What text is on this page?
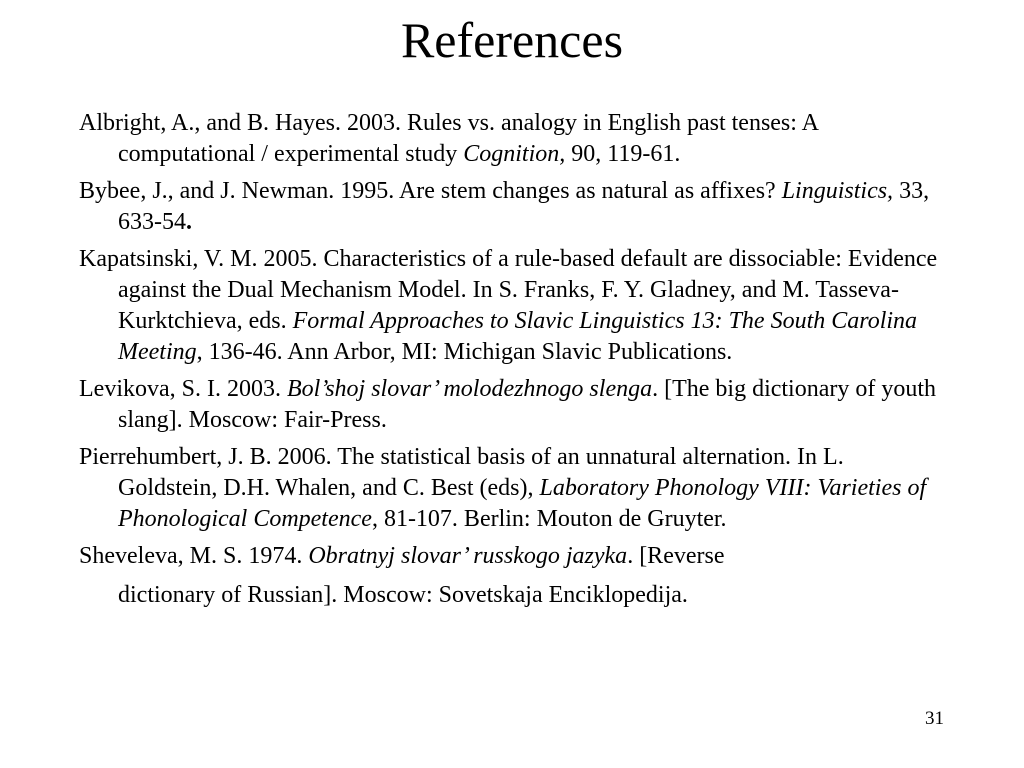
References

Albright, A., and B. Hayes. 2003. Rules vs. analogy in English past tenses: A computational / experimental study Cognition, 90, 119-61.

Bybee, J., and J. Newman. 1995. Are stem changes as natural as affixes? Linguistics, 33, 633-54.

Kapatsinski, V. M. 2005. Characteristics of a rule-based default are dissociable: Evidence against the Dual Mechanism Model. In S. Franks, F. Y. Gladney, and M. Tasseva-Kurktchieva, eds. Formal Approaches to Slavic Linguistics 13: The South Carolina Meeting, 136-46. Ann Arbor, MI: Michigan Slavic Publications.

Levikova, S. I. 2003. Bol’shoj slovar’ molodezhnogo slenga. [The big dictionary of youth slang]. Moscow: Fair-Press.

Pierrehumbert, J. B. 2006. The statistical basis of an unnatural alternation. In L. Goldstein, D.H. Whalen, and C. Best (eds), Laboratory Phonology VIII: Varieties of Phonological Competence, 81-107. Berlin: Mouton de Gruyter.

Sheveleva, M. S. 1974. Obratnyj slovar’ russkogo jazyka. [Reverse
dictionary of Russian]. Moscow: Sovetskaja Enciklopedija.

31
